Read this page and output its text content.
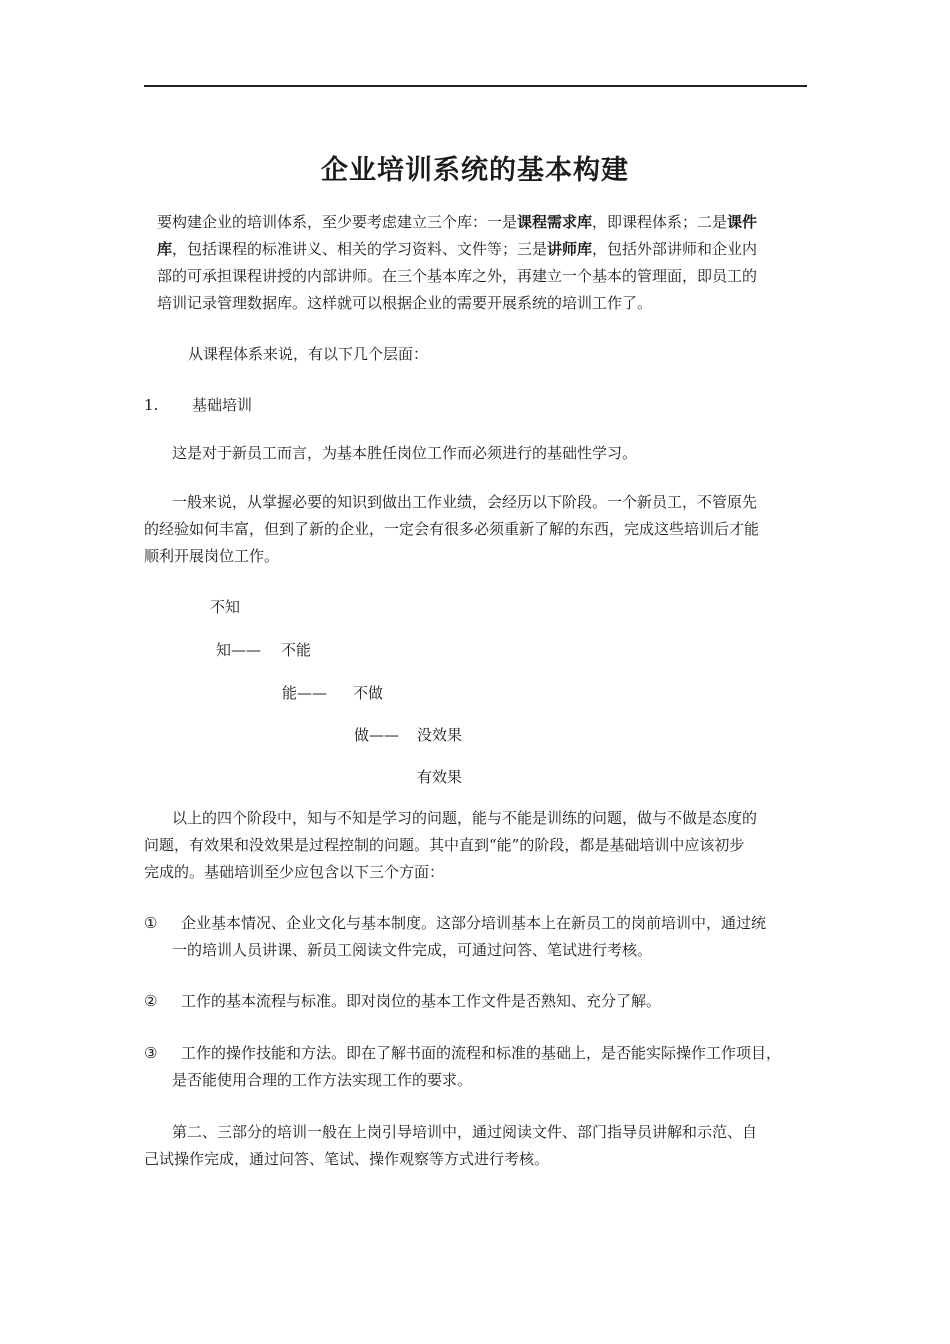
企业培训系统的基本构建
要构建企业的培训体系，至少要考虑建立三个库：一是课程需求库，即课程体系；二是课件
库，包括课程的标准讲义、相关的学习资料、文件等；三是讲师库，包括外部讲师和企业内
部的可承担课程讲授的内部讲师。在三个基本库之外，再建立一个基本的管理面，即员工的
培训记录管理数据库。这样就可以根据企业的需要开展系统的培训工作了。
从课程体系来说，有以下几个层面：
1. 基础培训
这是对于新员工而言，为基本胜任岗位工作而必须进行的基础性学习。
一般来说，从掌握必要的知识到做出工作业绩，会经历以下阶段。一个新员工，不管原先
的经验如何丰富，但到了新的企业，一定会有很多必须重新了解的东西，完成这些培训后才能
顺利开展岗位工作。
不知
知—— 不能
能—— 不做
做—— 没效果
有效果
以上的四个阶段中，知与不知是学习的问题，能与不能是训练的问题，做与不做是态度的
问题，有效果和没效果是过程控制的问题。其中直到“能”的阶段，都是基础培训中应该初步
完成的。基础培训至少应包含以下三个方面：
① 企业基本情况、企业文化与基本制度。这部分培训基本上在新员工的岗前培训中，通过统
一的培训人员讲课、新员工阅读文件完成，可通过问答、笔试进行考核。
② 工作的基本流程与标准。即对岗位的基本工作文件是否熟知、充分了解。
③ 工作的操作技能和方法。即在了解书面的流程和标准的基础上，是否能实际操作工作项目，
是否能使用合理的工作方法实现工作的要求。
第二、三部分的培训一般在上岗引导培训中，通过阅读文件、部门指导员讲解和示范、自
己试操作完成，通过问答、笔试、操作观察等方式进行考核。
